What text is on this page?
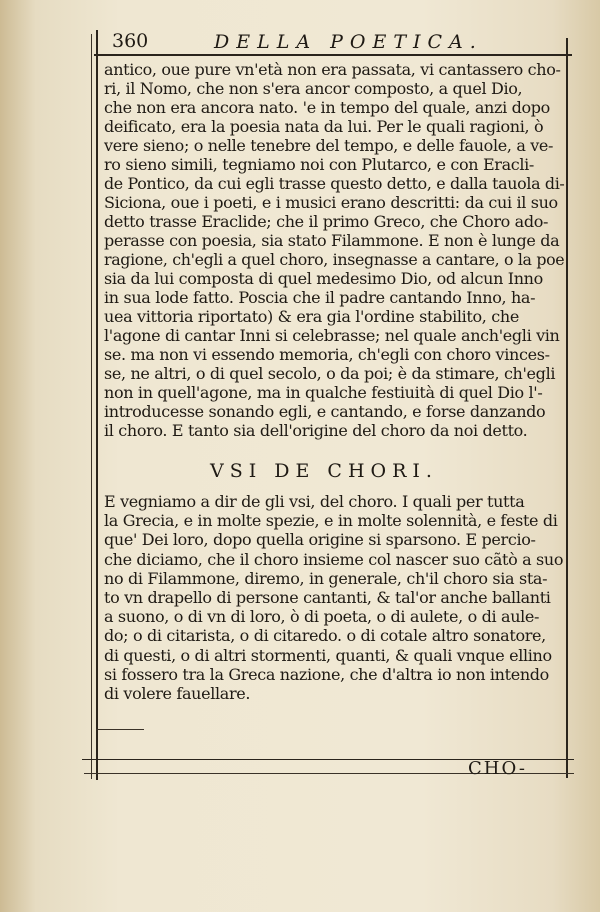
360	DELLA POETICA.
antico, oue pure vn'età non era passata, vi cantassero cho-
ri, il Nomo, che non s'era ancor composto, a quel Dio,
che non era ancora nato. 'e in tempo del quale, anzi dopo
deificato, era la poesia nata da lui. Per le quali ragioni, ò
vere sieno; o nelle tenebre del tempo, e delle fauole, a ve-
ro sieno simili, tegniamo noi con Plutarco, e con Eracli-
de Pontico, da cui egli trasse questo detto, e dalla tauola di-
Siciona, oue i poeti, e i musici erano descritti: da cui il suo
detto trasse Eraclide; che il primo Greco, che Choro ado-
perasse con poesia, sia stato Filammone. E non è lunge da
ragione, ch'egli a quel choro, insegnasse a cantare, o la poe
sia da lui composta di quel medesimo Dio, od alcun Inno
in sua lode fatto. Poscia che il padre cantando Inno, ha-
uea vittoria riportato) & era gia l'ordine stabilito, che
l'agone di cantar Inni si celebrasse; nel quale anch'egli vin
se. ma non vi essendo memoria, ch'egli con choro vinces-
se, ne altri, o di quel secolo, o da poi; è da stimare, ch'egli
non in quell'agone, ma in qualche festiuità di quel Dio l'-
introducesse sonando egli, e cantando, e forse danzando
il choro. E tanto sia dell'origine del choro da noi detto.
VSI DE CHORI.
E vegniamo a dir de gli vsi, del choro. I quali per tutta
la Grecia, e in molte spezie, e in molte solennità, e feste di
que' Dei loro, dopo quella origine si sparsono. E percio-
che diciamo, che il choro insieme col nascer suo cãtò a suo
no di Filammone, diremo, in generale, ch'il choro sia sta-
to vn drapello di persone cantanti, & tal'or anche ballanti
a suono, o di vn di loro, ò di poeta, o di aulete, o di aule-
do; o di citarista, o di citaredo. o di cotale altro sonatore,
di questi, o di altri stormenti, quanti, & quali vnque ellino
si fossero tra la Greca nazione, che d'altra io non intendo
di volere fauellare.
CHO-
